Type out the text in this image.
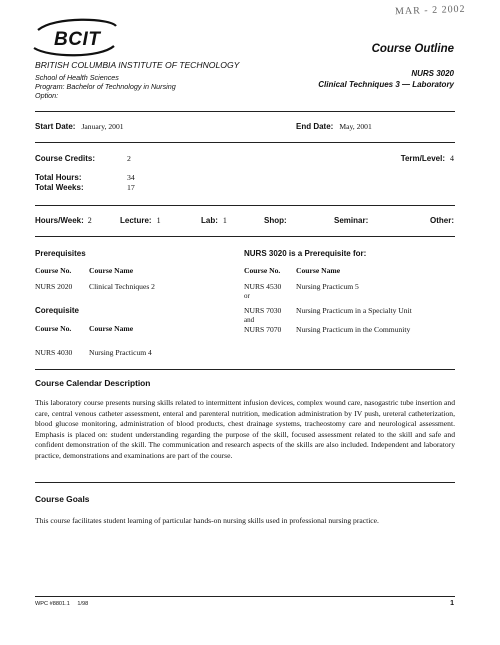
MAR - 2 2002
BCIT
BRITISH COLUMBIA INSTITUTE OF TECHNOLOGY
School of Health Sciences
Program: Bachelor of Technology in Nursing
Option:
Course Outline
NURS 3020
Clinical Techniques 3 — Laboratory
Start Date: January, 2001	End Date: May, 2001
Course Credits:	2	Term/Level: 4
Total Hours:	34
Total Weeks:	17
Hours/Week: 2	Lecture: 1	Lab: 1	Shop:	Seminar:	Other:
Prerequisites
Course No. Course Name
NURS 2020 Clinical Techniques 2
Corequisite
Course No. Course Name
NURS 4030 Nursing Practicum 4
NURS 3020 is a Prerequisite for:
Course No. Course Name
NURS 4530 Nursing Practicum 5
or
NURS 7030 Nursing Practicum in a Specialty Unit
and
NURS 7070 Nursing Practicum in the Community
Course Calendar Description
This laboratory course presents nursing skills related to intermittent infusion devices, complex wound care, nasogastric tube insertion and care, central venous catheter assessment, enteral and parenteral nutrition, medication administration by IV push, ureteral catheterization, blood glucose monitoring, administration of blood products, chest drainage systems, tracheostomy care and neurological assessment. Emphasis is placed on: student understanding regarding the purpose of the skill, focused assessment related to the skill and safe and confident demonstration of the skill. The communication and research aspects of the skills are also included. Independent and laboratory practice, demonstrations and examinations are part of the course.
Course Goals
This course facilitates student learning of particular hands-on nursing skills used in professional nursing practice.
WPC #8801.1 1/98	1
